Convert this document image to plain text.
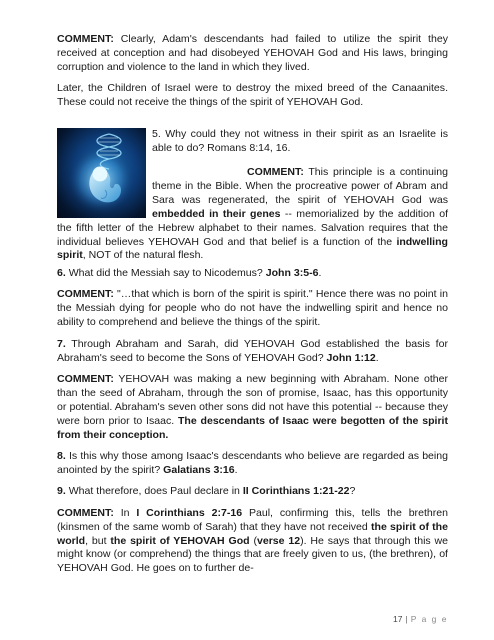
COMMENT: Clearly, Adam's descendants had failed to utilize the spirit they received at conception and had disobeyed YEHOVAH God and His laws, bringing corruption and violence to the land in which they lived.

Later, the Children of Israel were to destroy the mixed breed of the Canaanites. These could not receive the things of the spirit of YEHOVAH God.

5. Why could they not witness in their spirit as an Israelite is able to do? Romans 8:14, 16.

COMMENT: This principle is a continuing theme in the Bible. When the procreative power of Abram and Sara was regenerated, the spirit of YEHOVAH God was embedded in their genes -- memorialized by the addition of the fifth letter of the Hebrew alphabet to their names. Salvation requires that the individual believes YEHOVAH God and that belief is a function of the indwelling spirit, NOT of the natural flesh.

6. What did the Messiah say to Nicodemus? John 3:5-6.

COMMENT: "…that which is born of the spirit is spirit." Hence there was no point in the Messiah dying for people who do not have the indwelling spirit and hence no ability to comprehend and believe the things of the spirit.

7. Through Abraham and Sarah, did YEHOVAH God established the basis for Abraham's seed to become the Sons of YEHOVAH God? John 1:12.

COMMENT: YEHOVAH was making a new beginning with Abraham. None other than the seed of Abraham, through the son of promise, Isaac, has this opportunity or potential. Abraham's seven other sons did not have this potential -- because they were born prior to Isaac. The descendants of Isaac were begotten of the spirit from their conception.

8. Is this why those among Isaac's descendants who believe are regarded as being anointed by the spirit? Galatians 3:16.

9. What therefore, does Paul declare in II Corinthians 1:21-22?

COMMENT: In I Corinthians 2:7-16 Paul, confirming this, tells the brethren (kinsmen of the same womb of Sarah) that they have not received the spirit of the world, but the spirit of YEHOVAH God (verse 12). He says that through this we might know (or comprehend) the things that are freely given to us, (the brethren), of YEHOVAH God. He goes on to further de-

17 | P a g e
